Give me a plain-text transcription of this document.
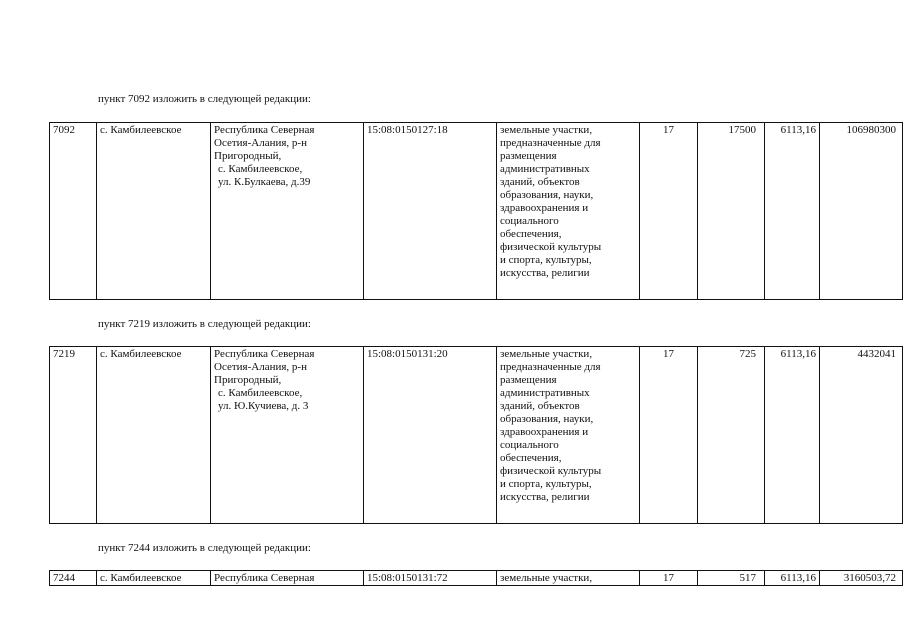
пункт 7092 изложить в следующей редакции:
7092	с. Камбилеевское	Республика Северная
Осетия-Алания, р-н
Пригородный,
с. Камбилеевское,
ул. К.Булкаева, д.39
	15:08:0150127:18	земельные участки,
предназначенные для
размещения
административных
зданий, объектов
образования, науки,
здравоохранения и
социального
обеспечения,
физической культуры
и спорта, культуры,
искусства, религии
	17	17500	6113,16	106980300
пункт 7219 изложить в следующей редакции:
7219	с. Камбилеевское	Республика Северная
Осетия-Алания, р-н
Пригородный,
с. Камбилеевское,
ул. Ю.Кучиева, д. 3
	15:08:0150131:20	земельные участки,
предназначенные для
размещения
административных
зданий, объектов
образования, науки,
здравоохранения и
социального
обеспечения,
физической культуры
и спорта, культуры,
искусства, религии
	17	725	6113,16	4432041
пункт 7244 изложить в следующей редакции:
7244	с. Камбилеевское	Республика Северная	15:08:0150131:72	земельные участки,	17	517	6113,16	3160503,72
